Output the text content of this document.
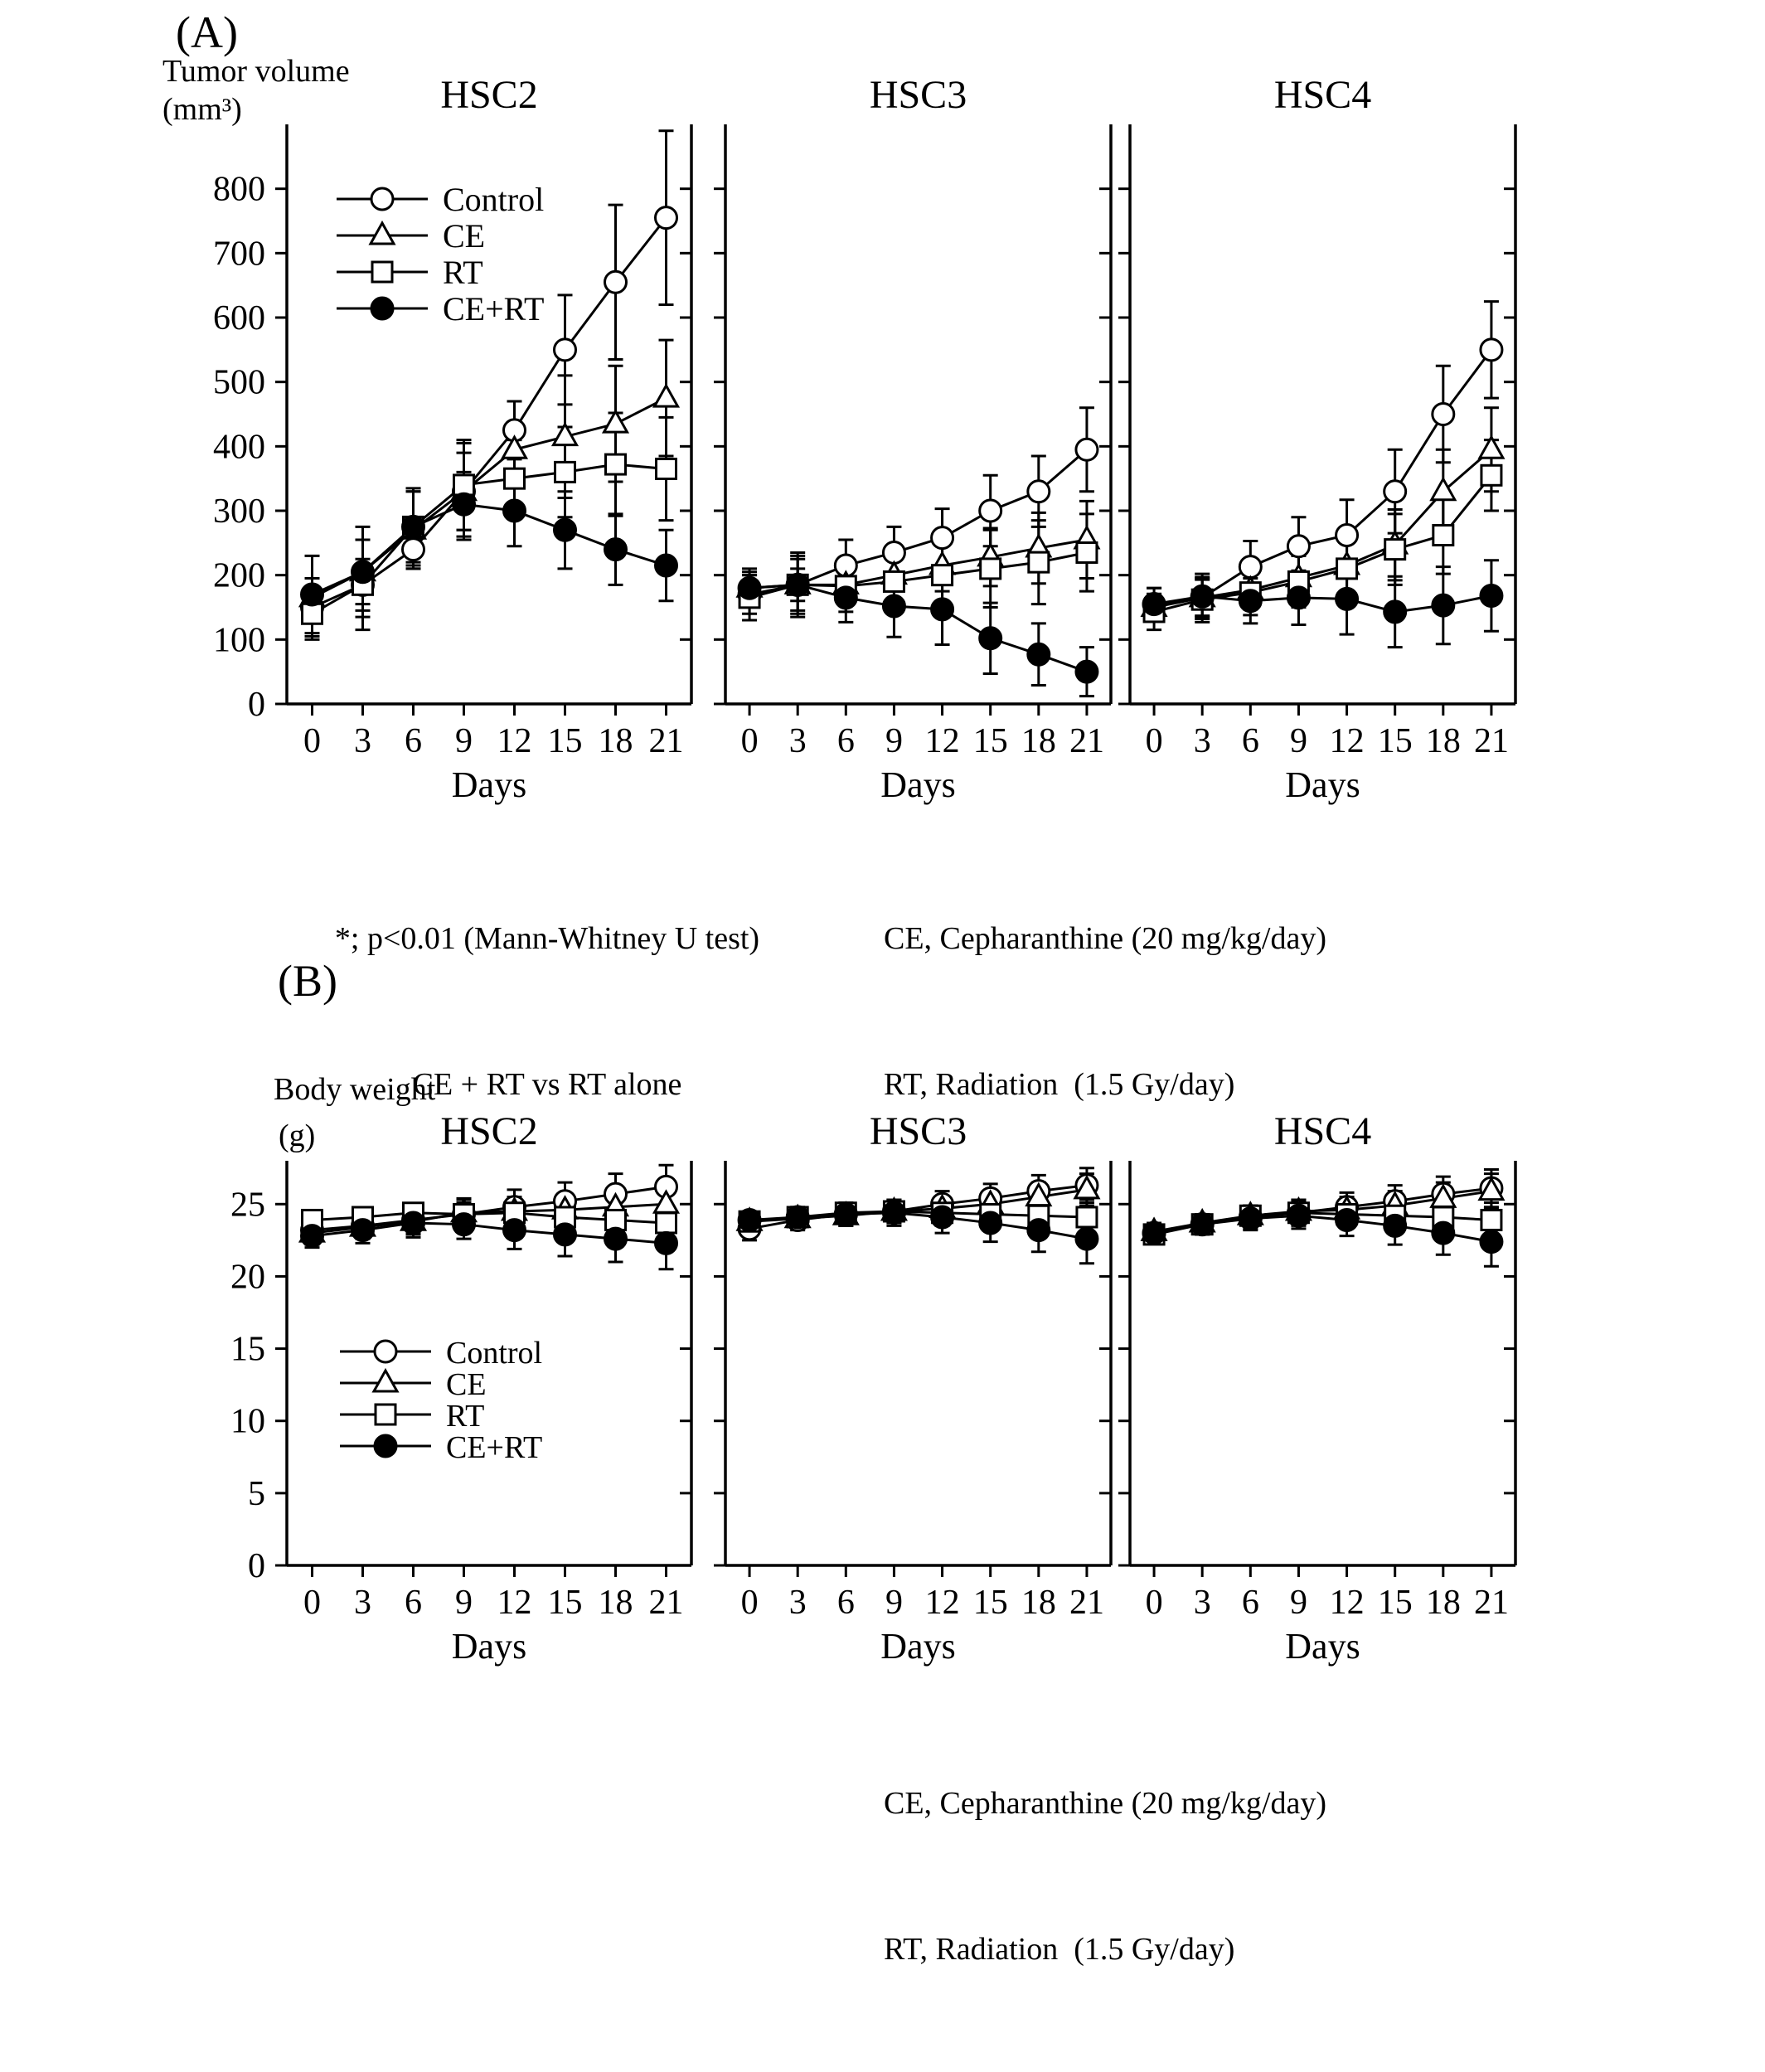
(A)
Tumor volume
(mm³)

*; p<0.01 (Mann-Whitney U test)

CE + RT vs RT alone

CE, Cepharanthine (20 mg/kg/day)

RT, Radiation  (1.5 Gy/day)

(B)
Body weight
(g)

CE, Cepharanthine (20 mg/kg/day)

RT, Radiation  (1.5 Gy/day)

0
100
200
300
400
500
600
700
800
0 3 6 9 12 15 18 21
HSC2
Days
Control
CE
RT
CE+RT
0 3 6 9 12 15 18 21
HSC3
Days
0 3 6 9 12 15 18 21
HSC4
Days
0
5
10
15
20
25
0 3 6 9 12 15 18 21
HSC2
Days
Control
CE
RT
CE+RT
0 3 6 9 12 15 18 21
HSC3
Days
0 3 6 9 12 15 18 21
HSC4
Days
